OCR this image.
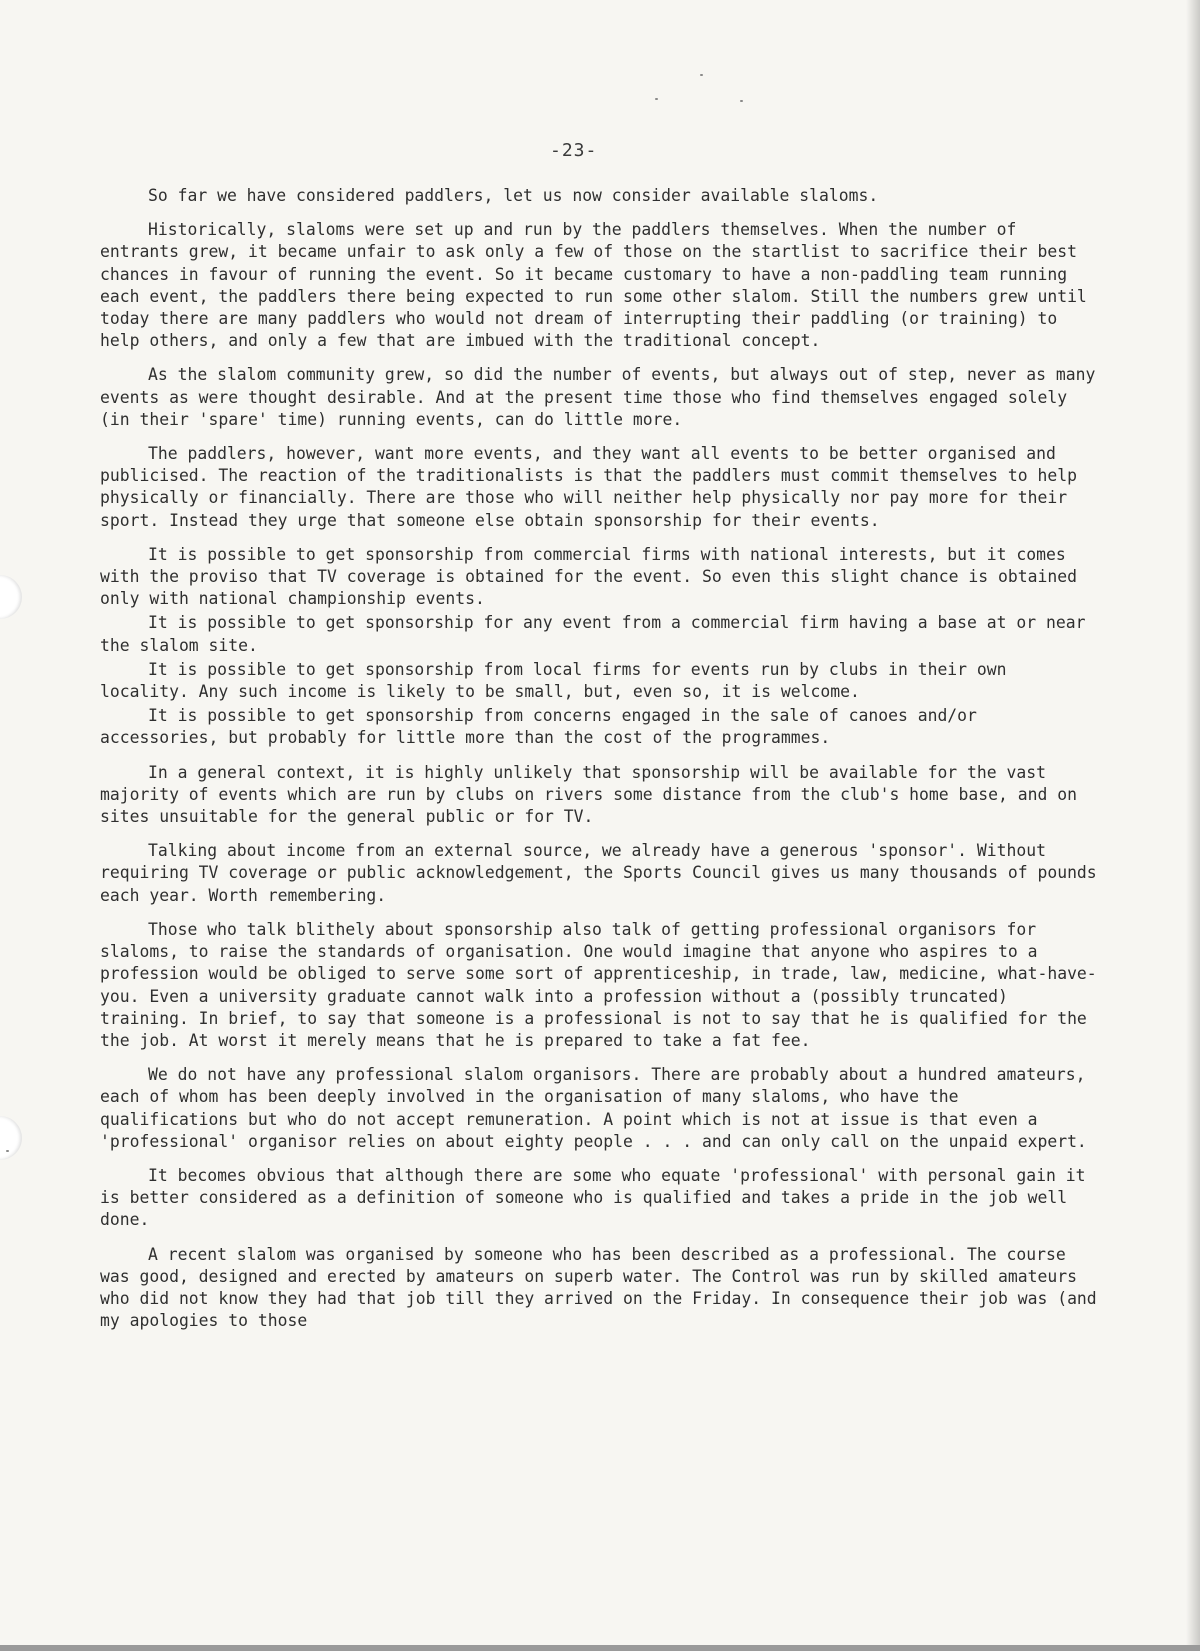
-23-

So far we have considered paddlers, let us now consider available slaloms.

Historically, slaloms were set up and run by the paddlers themselves. When the number of entrants grew, it became unfair to ask only a few of those on the startlist to sacrifice their best chances in favour of running the event. So it became customary to have a non-paddling team running each event, the paddlers there being expected to run some other slalom. Still the numbers grew until today there are many paddlers who would not dream of interrupting their paddling (or training) to help others, and only a few that are imbued with the traditional concept.

As the slalom community grew, so did the number of events, but always out of step, never as many events as were thought desirable. And at the present time those who find themselves engaged solely (in their 'spare' time) running events, can do little more.

The paddlers, however, want more events, and they want all events to be better organised and publicised. The reaction of the traditionalists is that the paddlers must commit themselves to help physically or financially. There are those who will neither help physically nor pay more for their sport. Instead they urge that someone else obtain sponsorship for their events.

It is possible to get sponsorship from commercial firms with national interests, but it comes with the proviso that TV coverage is obtained for the event. So even this slight chance is obtained only with national championship events.

It is possible to get sponsorship for any event from a commercial firm having a base at or near the slalom site.

It is possible to get sponsorship from local firms for events run by clubs in their own locality. Any such income is likely to be small, but, even so, it is welcome.

It is possible to get sponsorship from concerns engaged in the sale of canoes and/or accessories, but probably for little more than the cost of the programmes.

In a general context, it is highly unlikely that sponsorship will be available for the vast majority of events which are run by clubs on rivers some distance from the club's home base, and on sites unsuitable for the general public or for TV.

Talking about income from an external source, we already have a generous 'sponsor'. Without requiring TV coverage or public acknowledgement, the Sports Council gives us many thousands of pounds each year. Worth remembering.

Those who talk blithely about sponsorship also talk of getting professional organisors for slaloms, to raise the standards of organisation. One would imagine that anyone who aspires to a profession would be obliged to serve some sort of apprenticeship, in trade, law, medicine, what-have-you. Even a university graduate cannot walk into a profession without a (possibly truncated) training. In brief, to say that someone is a professional is not to say that he is qualified for the the job. At worst it merely means that he is prepared to take a fat fee.

We do not have any professional slalom organisors. There are probably about a hundred amateurs, each of whom has been deeply involved in the organisation of many slaloms, who have the qualifications but who do not accept remuneration. A point which is not at issue is that even a 'professional' organisor relies on about eighty people . . . and can only call on the unpaid expert.

It becomes obvious that although there are some who equate 'professional' with personal gain it is better considered as a definition of someone who is qualified and takes a pride in the job well done.

A recent slalom was organised by someone who has been described as a professional. The course was good, designed and erected by amateurs on superb water. The Control was run by skilled amateurs who did not know they had that job till they arrived on the Friday. In consequence their job was (and my apologies to those
